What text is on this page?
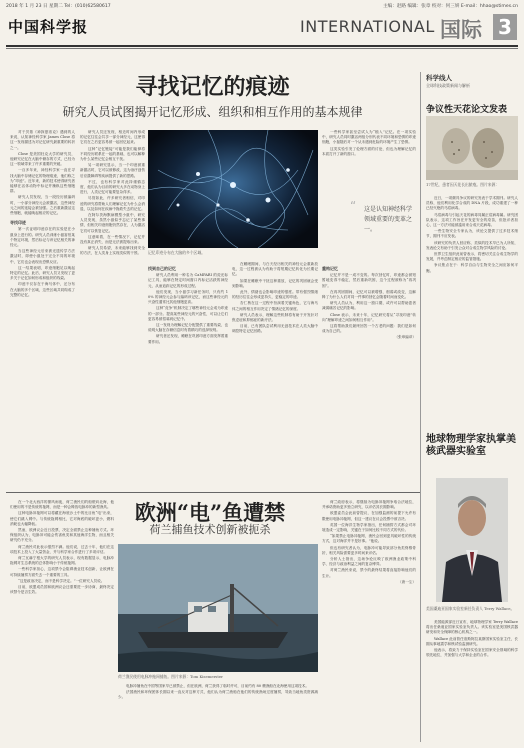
2018 年 1 月 23 日 星期二 Tel：(010)62580617	主编：赵路 编辑：张章 校对：何三妍 E-mail：hhao@stimes.cn
中国科学报	INTERNATIONAL 国际 3
寻找记忆的痕迹
研究人员试图揭开记忆形成、组织和相互作用的基本规律

对于贝基《神探夏洛克》遇到的人来说，认知神经科学家 James Close 将这一发现描述为对记忆研究最重要的转折之一。

Close 是美国杜克大学的研究员，他研究记忆在大脑中储存的方式，已经为这一领域带来了许多重要的突破。

一百多年来，神经科学家一直在寻找大脑中存储记忆的物理痕迹，他们称之为“印迹”。近年来，新的技术使得研究者能够在活体动物中标记并操纵这些细胞群。

研究人员发现，当一段经历被编码时，一小部分神经元会被激活，这些神经元之间的连接会被加强。之后重新激活这些细胞，就能唤起相应的记忆。

寻找印迹

第一次证明印迹存在的实验是在小鼠身上进行的。研究人员训练小鼠害怕某个特定环境，然后标记与该记忆相关的神经元。

当这些神经元后来被光遗传学方法激活时，即使小鼠处于完全不同的环境中，它们也会表现出恐惧反应。

这一结果表明，印迹细胞足以唤起特定的记忆。此后，研究人员又发现了更多关于记忆如何形成和组织的线索。

印迹不仅存在于海马体中，还分布在大脑的多个区域，这些区域共同构成了完整的记忆。

研究人员还发现，相近时间内形成的记忆往往会共享一部分神经元，这使得它们在之后更容易被一起回忆起来。

这种“记忆链接”可能是我们能够将不同经历联系在一起的基础，也可以解释为什么某些记忆会相互干扰。

另一项研究显示，当一个印迹被重新激活时，它可以被修改，这为治疗创伤后应激障碍等疾病提供了新的思路。

不过，也有科学家对此持谨慎态度，他们认为目前的研究大多在动物身上进行，人类记忆可能要复杂得多。

尽管如此，许多研究者相信，对印迹的研究将帮助人们理解记忆为什么会消退，以及如何在疾病中挽救失去的记忆。

在阿尔茨海默病模型小鼠中，研究人员发现，虽然小鼠似乎忘记了某些事情，但相关印迹细胞仍然存在，人为激活它们可以恢复记忆。

这意味着，在一些情况下，记忆并没有真正消失，而是无法被提取出来。

研究人员希望，未来能够找到安全的方法，在人类身上实现类似的干预。	记忆印迹分布在大脑的多个区域。

找到自己的记忆

研究人员利用一种名为 CaMPARI 的荧光标记工具，能够在特定时间窗口内标记活跃的神经元，从而追踪记忆的形成过程。

他们发现，当小鼠学习新任务时，只有约 10% 的神经元会参与编码该记忆，而这些神经元的兴奋性通常比其他细胞更高。

这种“竞争”机制决定了哪些神经元会成为印迹的一部分。提高某些神经元的兴奋性，可以让它们更容易被招募到记忆中。

这一发现为理解记忆分配提供了重要线索，也说明大脑在存储信息时有着精巧的选择规则。

研究者还发现，睡眠在巩固印迹方面发挥着重要作用。

在睡眠期间，与白天经历相关的神经元会重新放电，这一过程被认为有助于将短期记忆转化为长期记忆。

如果在睡眠中干扰这种重放，记忆的巩固就会受到影响。

此外，情绪也会影响印迹的强度。带有强烈情绪的经历往往会形成更持久、更稳定的印迹。

杏仁核在这一过程中扮演着关键角色，它与海马体之间的相互作用决定了情绪记忆的深度。

研究人员表示，理解这些机制将有助于开发针对焦虑症和抑郁症的新疗法。

目前，已有团队尝试利用无创技术在人类大脑中调控特定记忆回路。

一些科学家甚至尝试人为“植入”记忆。在一项实验中，研究人员同时激活两组分别代表不同环境和恐惧的印迹细胞，小鼠随后对一个从未遇到危险的环境产生了恐惧。

这类实验引发了伦理方面的讨论，但也为理解记忆的本质打开了新的窗口。

“ 这是认知神经科学领域重要的变革之一。

重构记忆

记忆并不是一成不变的。每次回忆时，印迹都会被短暂地变得不稳定，然后重新巩固，这个过程被称为“再巩固”。

在再巩固期间，记忆可以被增强、削弱或改变，这解释了为什么人们对同一件事的回忆会随着时间而变化。

研究人员认为，利用这一窗口期，或许可以帮助患者减弱痛苦记忆的影响。

Close 表示，未来十年，记忆研究将从“寻找印迹”转向“理解印迹之间如何相互作用”。

这将帮助我们最终回答一个古老的问题：我们是如何成为自己的。

（张章编译）

科学线人
全球科技政策新闻与解析
争议性天花论文发表
17世纪，患者因天花长出脓疱。图片来源：

近日，一项颇具争议的研究发表于学术期刊。研究人员称，他们利用化学合成的 DNA 片段，成功重建了一种已经灭绝的马痘病毒。

马痘病毒与引起天花的病毒同属正痘病毒属。研究团队表示，这项工作旨在开发更安全的疫苗，但批评者担心，这一方法可能被滥用来合成天花病毒。

一些生物安全专家认为，该论文提供了过多技术细节，期刊不应发表。

该研究的负责人回应称，类似的技术早已为人所知，发表论文有助于引发公众对合成生物学风险的讨论。

世界卫生组织此前曾表示，将密切关注合成生物学的发展，并考虑制定相应的监管措施。

争议焦点在于：科学自由与生物安全之间应如何平衡。

地球物理学家执掌美核武器实验室
美国桑迪亚国家实验室新任负责人 Terry Wallace。

美国能源部近日宣布，地球物理学家 Terry Wallace 将出任桑迪亚国家实验室负责人。该实验室是美国核武器研发和安全保障的核心机构之一。

Wallace 此前曾任洛斯阿拉莫斯国家实验室主任，长期从事地震学和核试验监测研究。

他表示，将致力于保持实验室在国家安全领域的科学领先地位，并加强与大学和企业的合作。

欧洲“电”鱼遭禁
荷兰捕鱼技术创新被扼杀

在一个北大西洋的暴风雨夜，荷兰渔民们的船驶向北海，他们使用的不是传统的拖网，而是一种会释放电脉冲的新型渔具。

这种电脉冲拖网可以将藏在海底沙土中的比目鱼“电”出来，使它们跳入网中。与传统拖网相比，它对海底的破坏更小，燃料消耗也大幅降低。

然而，欧洲议会近日投票，决定全面禁止这种捕鱼方式。环保组织认为，电脉冲可能会伤害鱼类和其他海洋生物，而且相关研究仍不充分。

荷兰渔民对此表示强烈不满。他们说，过去十年，他们在这项技术上投入了大量资金，并与科学家合作进行了多项评估。

荷兰瓦赫宁根大学的研究人员表示，现有数据显示，电脉冲拖网对生态系统的总体影响小于传统拖网。

一些科学家担心，这项禁令会阻碍渔业技术创新，让欧洲在可持续捕捞方面失去一个重要的工具。

“这是政治决定，而不是科学决定。”一位研究人员说。

目前，欧盟成员国和欧洲议会还需要进一步协商，最终决定该禁令是否生效。

荷兰渔民使用电脉冲拖网捕鱼。图片来源：Tom Kisemerster

电脉冲捕鱼在中国等国家早已被禁止，但在欧洲，荷兰获得了临时许可，目前约有 80 艘渔船在北海使用这项技术。

法国渔民和环保团体长期以来一直反对这种方式，他们认为荷兰渔船在他们的传统渔场过度捕捞，导致当地鱼类资源减少。

荷兰政府表示，将继续为电脉冲拖网争取合法地位，并承诺资助更多独立研究，以评估其长期影响。

欧盟委员会此前曾提议，在加强监测的前提下允许有限使用电脉冲拖网，但这一建议在议会投票中被否决。

英国一位海洋生物学家指出，任何捕捞方式都会对环境造成一定影响，关键在于如何比较不同方式的代价。

“如果禁止电脉冲拖网，渔民会回到更具破坏性的传统方式，这对海洋并不是好事。”他说。

但也有研究者认为，电脉冲可能导致部分鱼类脊椎骨折，相关风险需要更多时间来评估。

分析人士指出，这场争论反映了欧洲渔业政策中科学、经济与政治利益之间的复杂博弈。

对荷兰渔民来说，禁令的最终结果将直接影响他们的生计。

（唐一尘）
